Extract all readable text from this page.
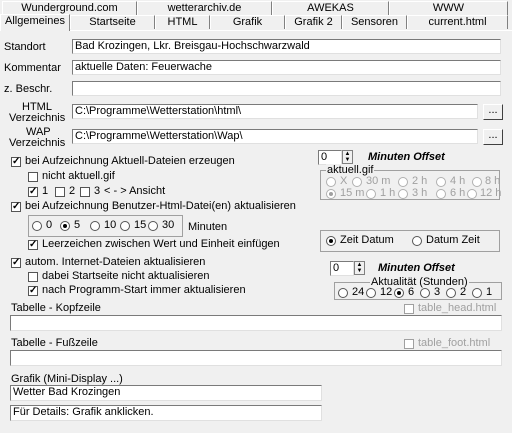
Wunderground.com	wetterarchiv.de	AWEKAS	WWW
Allgemeines	Startseite	HTML	Grafik	Grafik 2	Sensoren	current.html
Standort	Bad Krozingen, Lkr. Breisgau-Hochschwarzwald
Kommentar aktuelle Daten: Feuerwache
z. Beschr.
HTML
Verzeichnis
C:\Programme\Wetterstation\html\	...
WAP
Verzeichnis
C:\Programme\Wetterstation\Wap\	...
✓ bei Aufzeichnung Aktuell-Dateien erzeugen
nicht aktuell.gif
✓ 1 2 3 < - > Ansicht
0	▲
▼ Minuten Offset
aktuell.gif
X 30 m 2 h 4 h 8 h
15 m 1 h 3 h 6 h 12 h
✓ bei Aufzeichnung Benutzer-Html-Datei(en) aktualisieren
0 5 10 15 30 Minuten
✓ Leerzeichen zwischen Wert und Einheit einfügen	Zeit Datum	Datum Zeit
✓ autom. Internet-Dateien aktualisieren
dabei Startseite nicht aktualisieren
✓ nach Programm-Start immer aktualisieren
0	▲
▼ Minuten Offset
Aktualität (Stunden)
24 12 6 3 2 1
Tabelle - Kopfzeile	table_head.html
Tabelle - Fußzeile	table_foot.html
Grafik (Mini-Display ...)
Wetter Bad Krozingen
Für Details: Grafik anklicken.
